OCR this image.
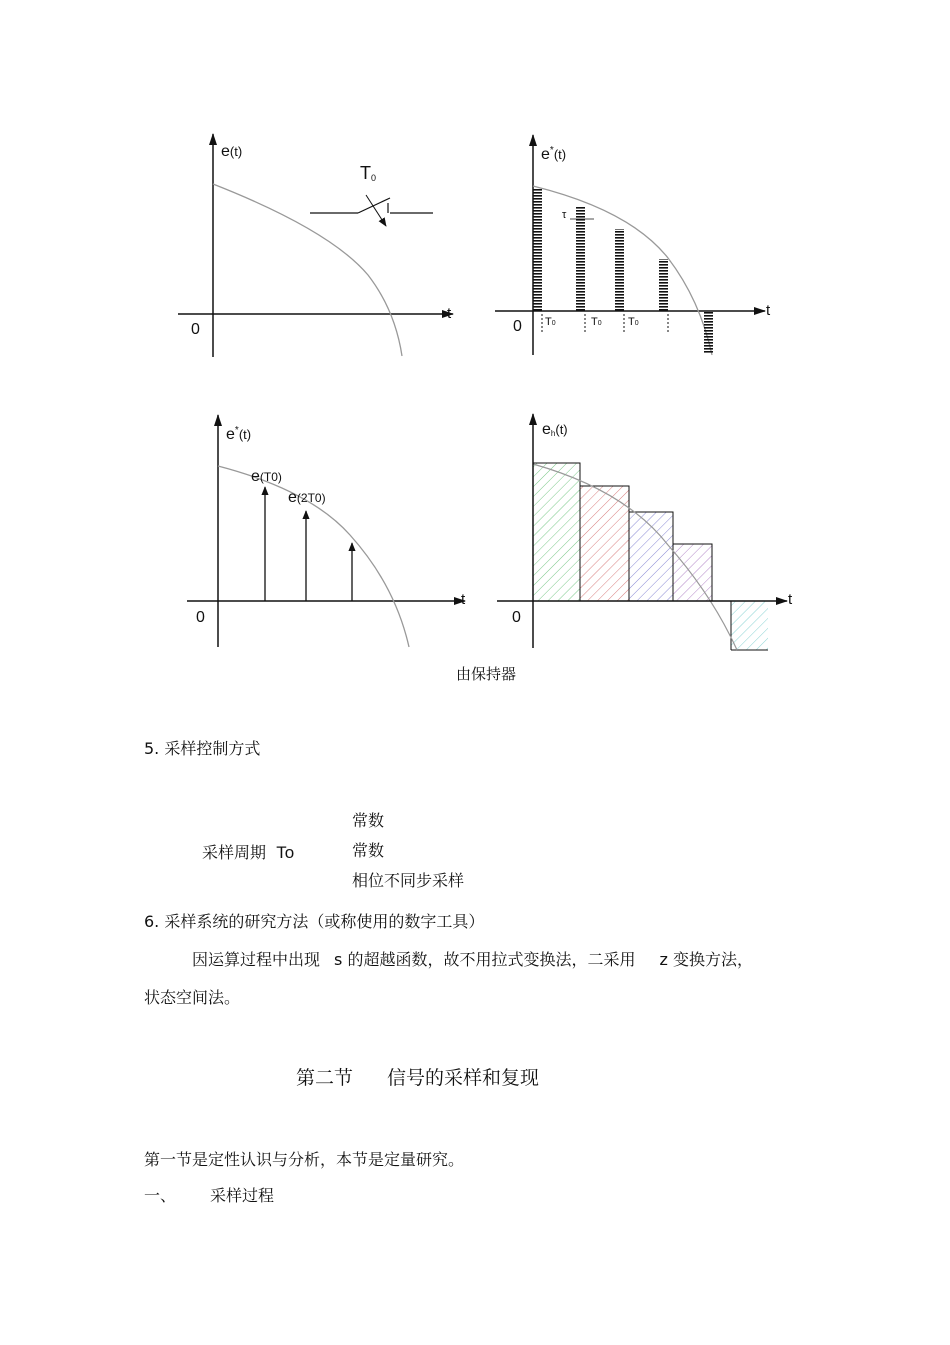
e(t)
t
0
T0
τ
$e^*_{(t)}$
t
0 T0	T0 T0
$e^*_{(t)}$
e(T0)
e(2T0)
t
0
eh(t)
t
0
由保持器
5. 采样控制方式
采样周期 To
常数
常数
相位不同步采样
6. 采样系统的研究方法（或称使用的数字工具）
因运算过程中出现 s 的超越函数，故不用拉式变换法，二采用 z 变换方法，
状态空间法。
第二节 信号的采样和复现
第一节是定性认识与分析，本节是定量研究。
一、 采样过程
